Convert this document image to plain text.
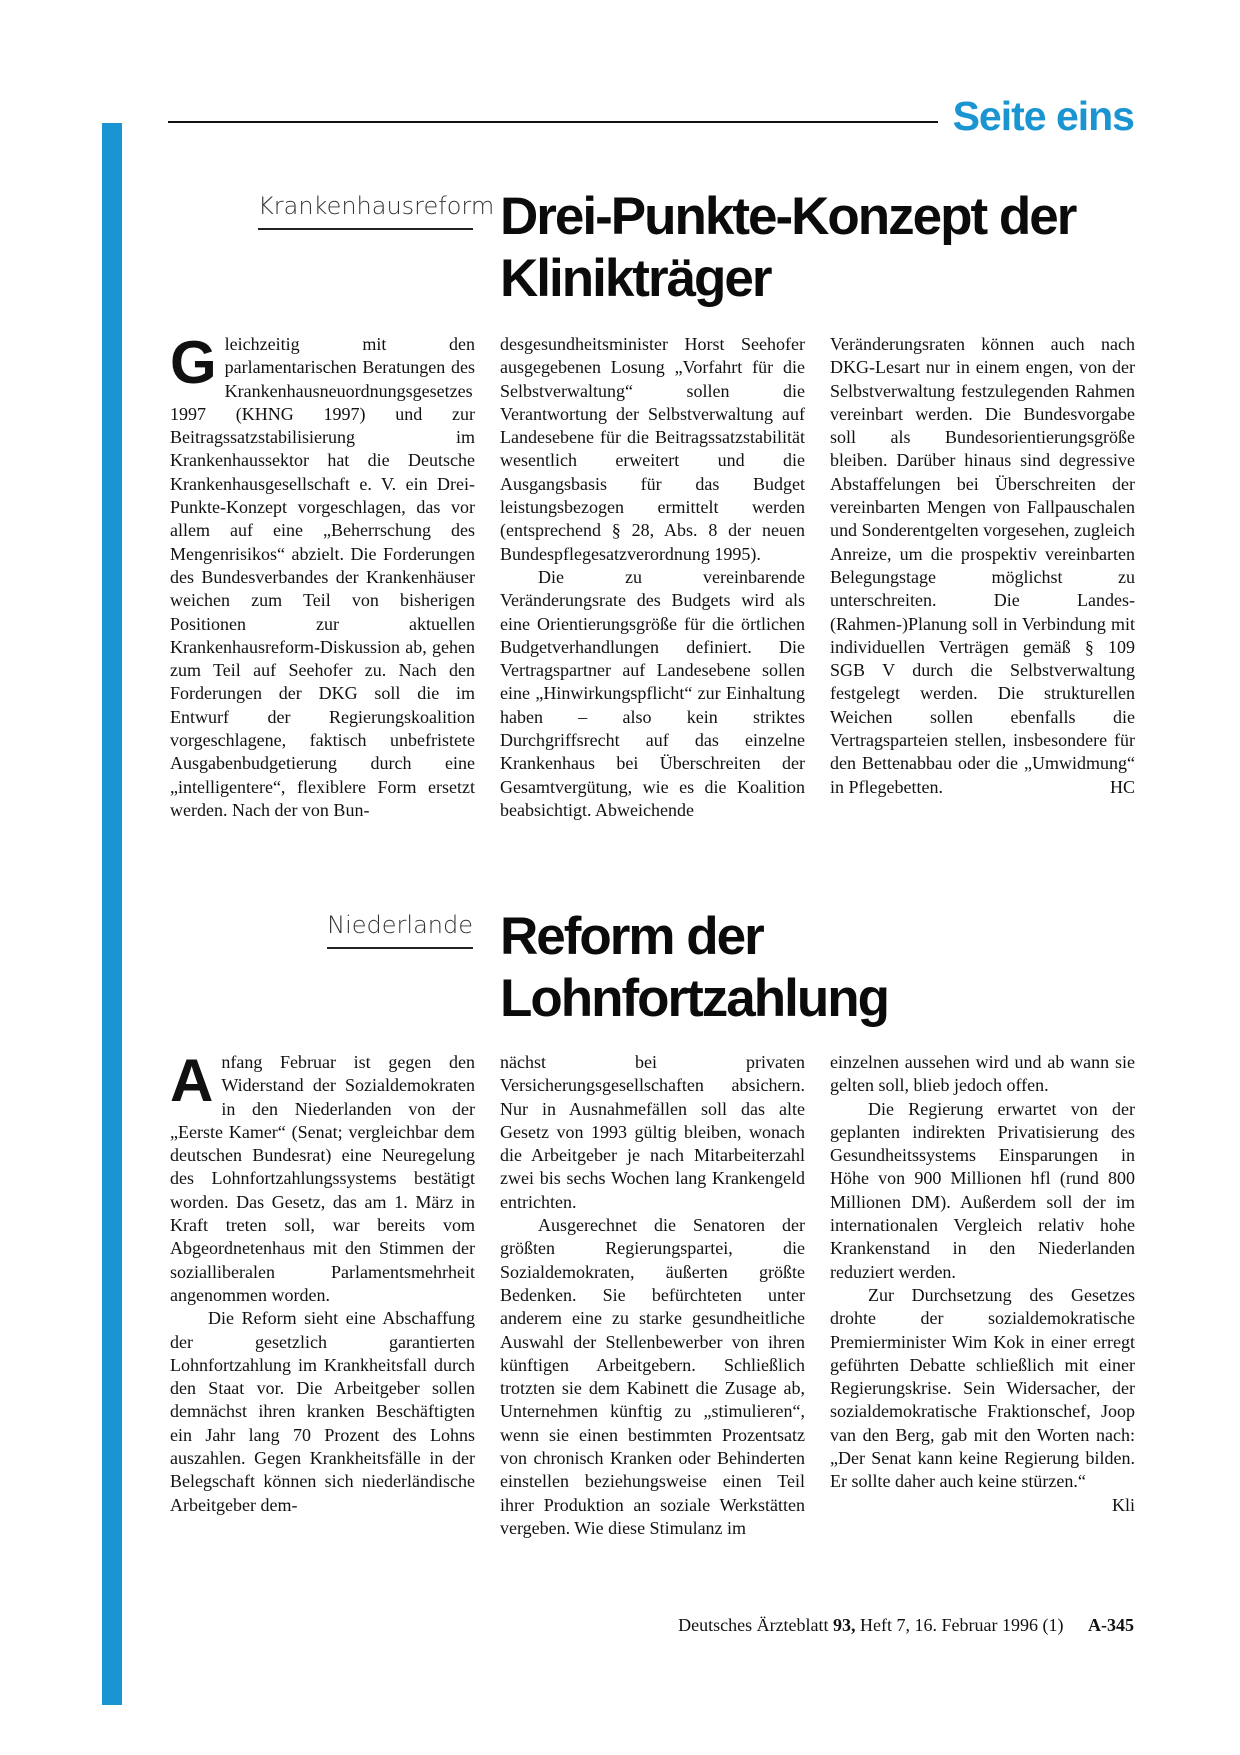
Seite eins
Krankenhausreform Drei-Punkte-Konzept der Klinikträger
G leichzeitig mit den parlamentarischen Beratungen des Krankenhausneuordnungsgesetzes 1997 (KHNG 1997) und zur Beitragssatzstabilisierung im Krankenhaussektor hat die Deutsche Krankenhausgesellschaft e. V. ein Drei-Punkte-Konzept vorgeschlagen, das vor allem auf eine „Beherrschung des Mengenrisikos“ abzielt. Die Forderungen des Bundesverbandes der Krankenhäuser weichen zum Teil von bisherigen Positionen zur aktuellen Krankenhausreform-Diskussion ab, gehen zum Teil auf Seehofer zu. Nach den Forderungen der DKG soll die im Entwurf der Regierungskoalition vorgeschlagene, faktisch unbefristete Ausgabenbudgetierung durch eine „intelligentere“, flexiblere Form ersetzt werden. Nach der von Bun-

desgesundheitsminister Horst Seehofer ausgegebenen Losung „Vorfahrt für die Selbstverwaltung“ sollen die Verantwortung der Selbstverwaltung auf Landesebene für die Beitragssatzstabilität wesentlich erweitert und die Ausgangsbasis für das Budget leistungsbezogen ermittelt werden (entsprechend § 28, Abs. 8 der neuen Bundespflegesatzverordnung 1995).

Die zu vereinbarende Veränderungsrate des Budgets wird als eine Orientierungsgröße für die örtlichen Budgetverhandlungen definiert. Die Vertragspartner auf Landesebene sollen eine „Hinwirkungspflicht“ zur Einhaltung haben – also kein striktes Durchgriffsrecht auf das einzelne Krankenhaus bei Überschreiten der Gesamtvergütung, wie es die Koalition beabsichtigt. Abweichende

Veränderungsraten können auch nach DKG-Lesart nur in einem engen, von der Selbstverwaltung festzulegenden Rahmen vereinbart werden. Die Bundesvorgabe soll als Bundesorientierungsgröße bleiben. Darüber hinaus sind degressive Abstaffelungen bei Überschreiten der vereinbarten Mengen von Fallpauschalen und Sonderentgelten vorgesehen, zugleich Anreize, um die prospektiv vereinbarten Belegungstage möglichst zu unterschreiten. Die Landes-(Rahmen-)Planung soll in Verbindung mit individuellen Verträgen gemäß § 109 SGB V durch die Selbstverwaltung festgelegt werden. Die strukturellen Weichen sollen ebenfalls die Vertragsparteien stellen, insbesondere für den Bettenabbau oder die „Umwidmung“ in Pflegebetten.	HC

Niederlande Reform der Lohnfortzahlung
A nfang Februar ist gegen den Widerstand der Sozialdemokraten in den Niederlanden von der „Eerste Kamer“ (Senat; vergleichbar dem deutschen Bundesrat) eine Neuregelung des Lohnfortzahlungssystems bestätigt worden. Das Gesetz, das am 1. März in Kraft treten soll, war bereits vom Abgeordnetenhaus mit den Stimmen der sozialliberalen Parlamentsmehrheit angenommen worden.

Die Reform sieht eine Abschaffung der gesetzlich garantierten Lohnfortzahlung im Krankheitsfall durch den Staat vor. Die Arbeitgeber sollen demnächst ihren kranken Beschäftigten ein Jahr lang 70 Prozent des Lohns auszahlen. Gegen Krankheitsfälle in der Belegschaft können sich niederländische Arbeitgeber dem-

nächst bei privaten Versicherungsgesellschaften absichern. Nur in Ausnahmefällen soll das alte Gesetz von 1993 gültig bleiben, wonach die Arbeitgeber je nach Mitarbeiterzahl zwei bis sechs Wochen lang Krankengeld entrichten.

Ausgerechnet die Senatoren der größten Regierungspartei, die Sozialdemokraten, äußerten größte Bedenken. Sie befürchteten unter anderem eine zu starke gesundheitliche Auswahl der Stellenbewerber von ihren künftigen Arbeitgebern. Schließlich trotzten sie dem Kabinett die Zusage ab, Unternehmen künftig zu „stimulieren“, wenn sie einen bestimmten Prozentsatz von chronisch Kranken oder Behinderten einstellen beziehungsweise einen Teil ihrer Produktion an soziale Werkstätten vergeben. Wie diese Stimulanz im

einzelnen aussehen wird und ab wann sie gelten soll, blieb jedoch offen.

Die Regierung erwartet von der geplanten indirekten Privatisierung des Gesundheitssystems Einsparungen in Höhe von 900 Millionen hfl (rund 800 Millionen DM). Außerdem soll der im internationalen Vergleich relativ hohe Krankenstand in den Niederlanden reduziert werden.

Zur Durchsetzung des Gesetzes drohte der sozialdemokratische Premierminister Wim Kok in einer erregt geführten Debatte schließlich mit einer Regierungskrise. Sein Widersacher, der sozialdemokratische Fraktionschef, Joop van den Berg, gab mit den Worten nach: „Der Senat kann keine Regierung bilden. Er sollte daher auch keine stürzen.“
Kli

Deutsches Ärzteblatt 93, Heft 7, 16. Februar 1996 (1) A-345
